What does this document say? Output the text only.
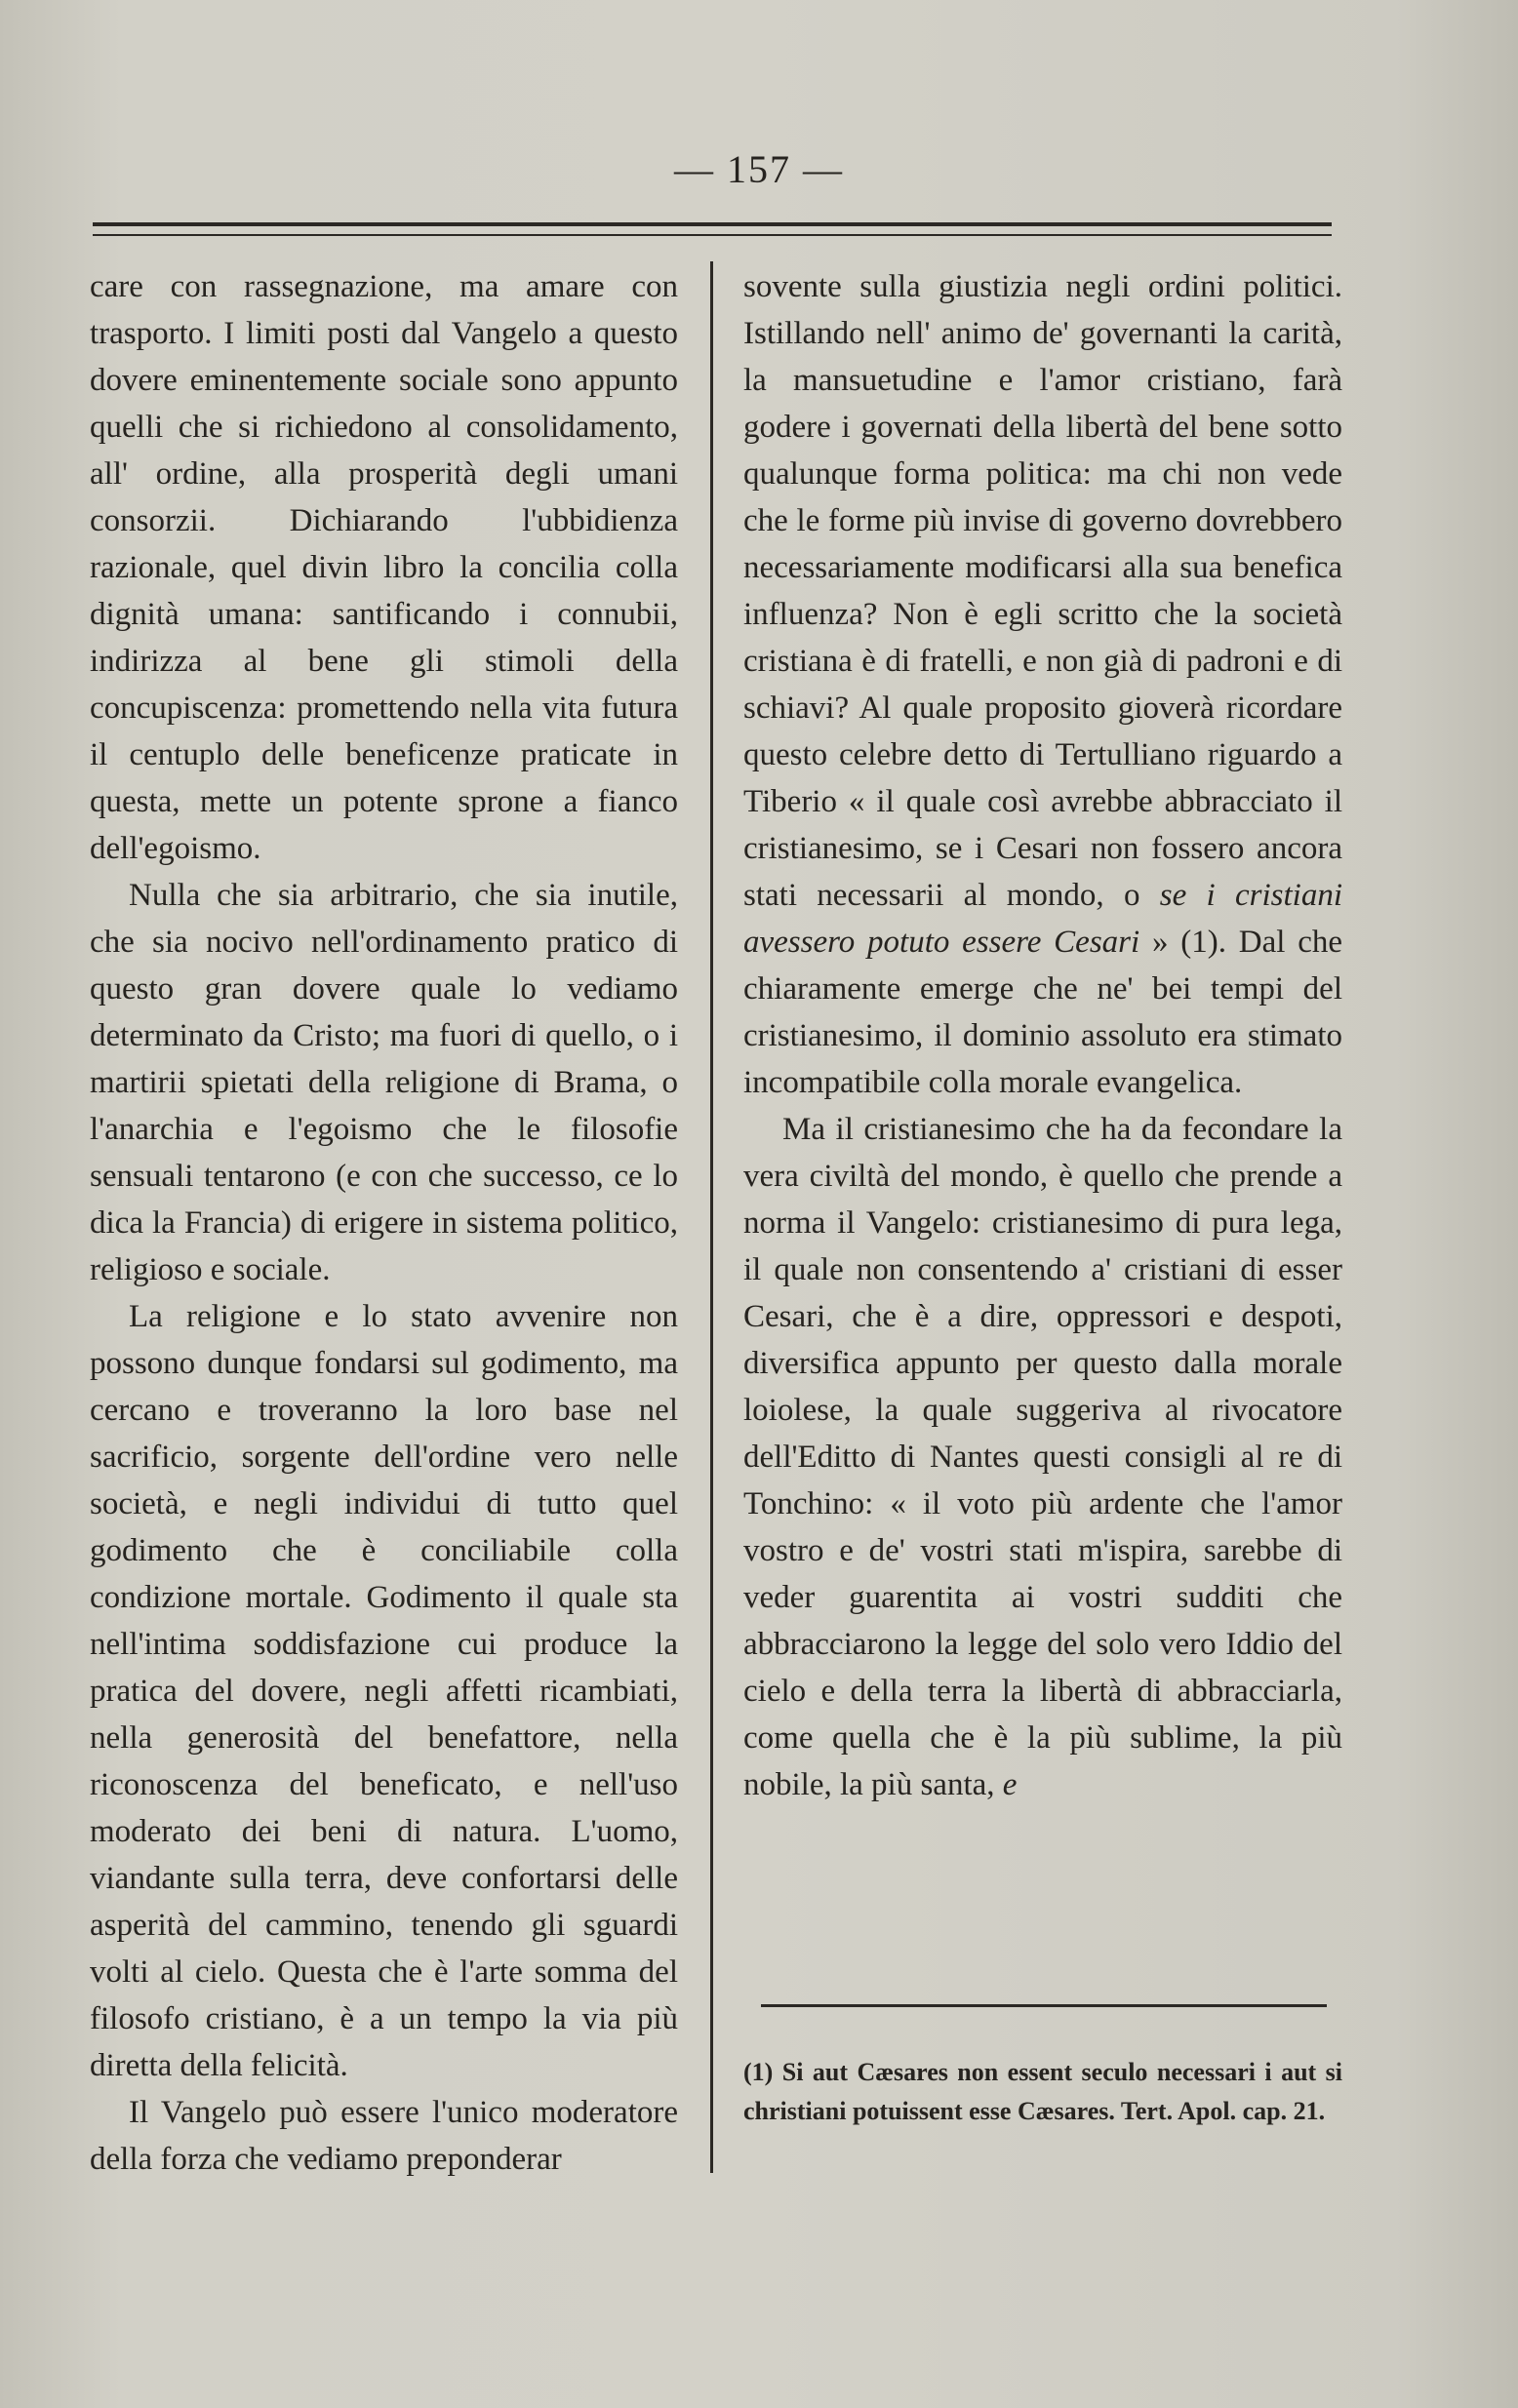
— 157 —

care con rassegnazione, ma amare con trasporto. I limiti posti dal Vangelo a questo dovere eminentemente sociale sono appunto quelli che si richiedono al consolidamento, all' ordine, alla prosperità degli umani consorzii. Dichiarando l'ubbidienza razionale, quel divin libro la concilia colla dignità umana: santificando i connubii, indirizza al bene gli stimoli della concupiscenza: promettendo nella vita futura il centuplo delle beneficenze praticate in questa, mette un potente sprone a fianco dell'egoismo.

Nulla che sia arbitrario, che sia inutile, che sia nocivo nell'ordinamento pratico di questo gran dovere quale lo vediamo determinato da Cristo; ma fuori di quello, o i martirii spietati della religione di Brama, o l'anarchia e l'egoismo che le filosofie sensuali tentarono (e con che successo, ce lo dica la Francia) di erigere in sistema politico, religioso e sociale.

La religione e lo stato avvenire non possono dunque fondarsi sul godimento, ma cercano e troveranno la loro base nel sacrificio, sorgente dell'ordine vero nelle società, e negli individui di tutto quel godimento che è conciliabile colla condizione mortale. Godimento il quale sta nell'intima soddisfazione cui produce la pratica del dovere, negli affetti ricambiati, nella generosità del benefattore, nella riconoscenza del beneficato, e nell'uso moderato dei beni di natura. L'uomo, viandante sulla terra, deve confortarsi delle asperità del cammino, tenendo gli sguardi volti al cielo. Questa che è l'arte somma del filosofo cristiano, è a un tempo la via più diretta della felicità.

Il Vangelo può essere l'unico moderatore della forza che vediamo preponderar

sovente sulla giustizia negli ordini politici. Istillando nell' animo de' governanti la carità, la mansuetudine e l'amor cristiano, farà godere i governati della libertà del bene sotto qualunque forma politica: ma chi non vede che le forme più invise di governo dovrebbero necessariamente modificarsi alla sua benefica influenza? Non è egli scritto che la società cristiana è di fratelli, e non già di padroni e di schiavi? Al quale proposito gioverà ricordare questo celebre detto di Tertulliano riguardo a Tiberio « il quale così avrebbe abbracciato il cristianesimo, se i Cesari non fossero ancora stati necessarii al mondo, o se i cristiani avessero potuto essere Cesari » (1). Dal che chiaramente emerge che ne' bei tempi del cristianesimo, il dominio assoluto era stimato incompatibile colla morale evangelica.

Ma il cristianesimo che ha da fecondare la vera civiltà del mondo, è quello che prende a norma il Vangelo: cristianesimo di pura lega, il quale non consentendo a' cristiani di esser Cesari, che è a dire, oppressori e despoti, diversifica appunto per questo dalla morale loiolese, la quale suggeriva al rivocatore dell'Editto di Nantes questi consigli al re di Tonchino: « il voto più ardente che l'amor vostro e de' vostri stati m'ispira, sarebbe di veder guarentita ai vostri sudditi che abbracciarono la legge del solo vero Iddio del cielo e della terra la libertà di abbracciarla, come quella che è la più sublime, la più nobile, la più santa, e

(1) Si aut Cæsares non essent seculo necessari i aut si christiani potuissent esse Cæsares. Tert. Apol. cap. 21.
